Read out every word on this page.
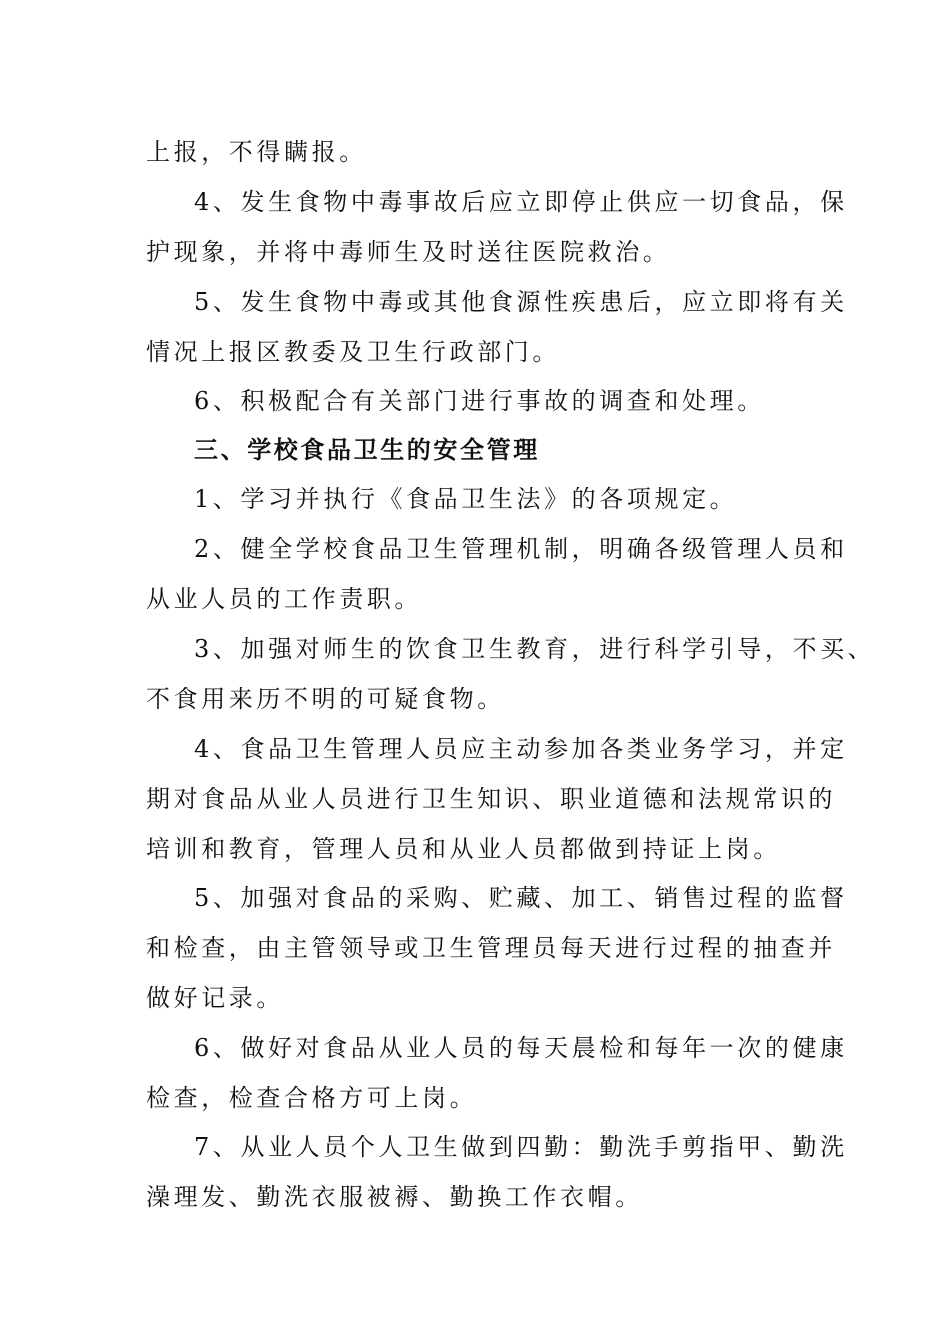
上报，不得瞒报。
4、发生食物中毒事故后应立即停止供应一切食品，保
护现象，并将中毒师生及时送往医院救治。
5、发生食物中毒或其他食源性疾患后，应立即将有关
情况上报区教委及卫生行政部门。
6、积极配合有关部门进行事故的调查和处理。
三、学校食品卫生的安全管理
1、学习并执行《食品卫生法》的各项规定。
2、健全学校食品卫生管理机制，明确各级管理人员和
从业人员的工作责职。
3、加强对师生的饮食卫生教育，进行科学引导，不买、
不食用来历不明的可疑食物。
4、食品卫生管理人员应主动参加各类业务学习，并定
期对食品从业人员进行卫生知识、职业道德和法规常识的
培训和教育，管理人员和从业人员都做到持证上岗。
5、加强对食品的采购、贮藏、加工、销售过程的监督
和检查，由主管领导或卫生管理员每天进行过程的抽查并
做好记录。
6、做好对食品从业人员的每天晨检和每年一次的健康
检查，检查合格方可上岗。
7、从业人员个人卫生做到四勤：勤洗手剪指甲、勤洗
澡理发、勤洗衣服被褥、勤换工作衣帽。
